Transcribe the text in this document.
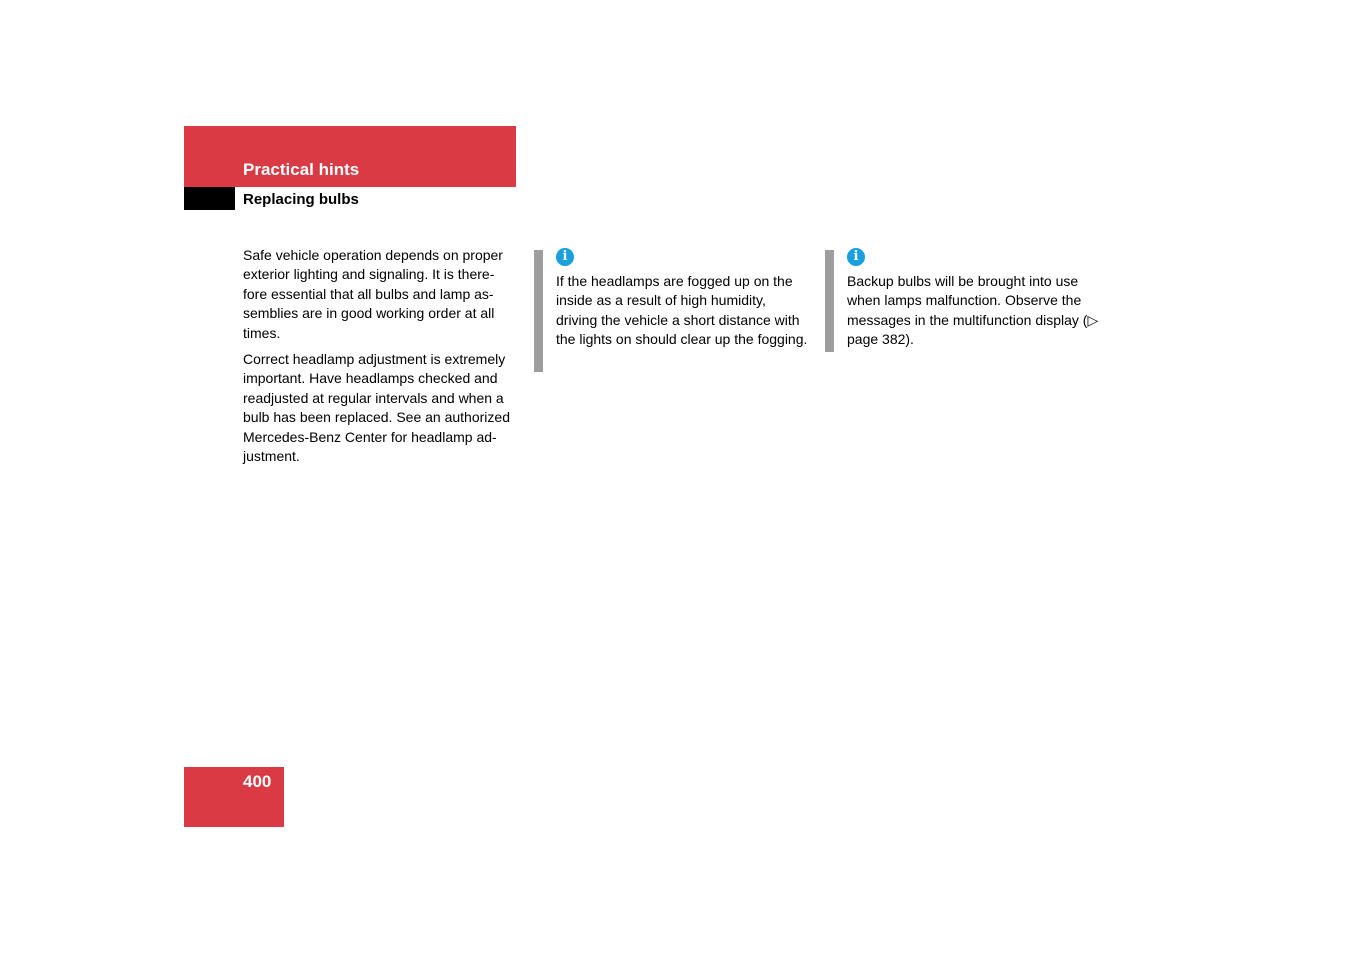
Practical hints
Replacing bulbs

Safe vehicle operation depends on proper exterior lighting and signaling. It is there-fore essential that all bulbs and lamp as-semblies are in good working order at all times.

Correct headlamp adjustment is extremely important. Have headlamps checked and readjusted at regular intervals and when a bulb has been replaced. See an authorized Mercedes-Benz Center for headlamp ad-justment.

i

If the headlamps are fogged up on the inside as a result of high humidity, driving the vehicle a short distance with the lights on should clear up the fogging.

i

Backup bulbs will be brought into use when lamps malfunction. Observe the messages in the multifunction display (▷ page 382).

400
